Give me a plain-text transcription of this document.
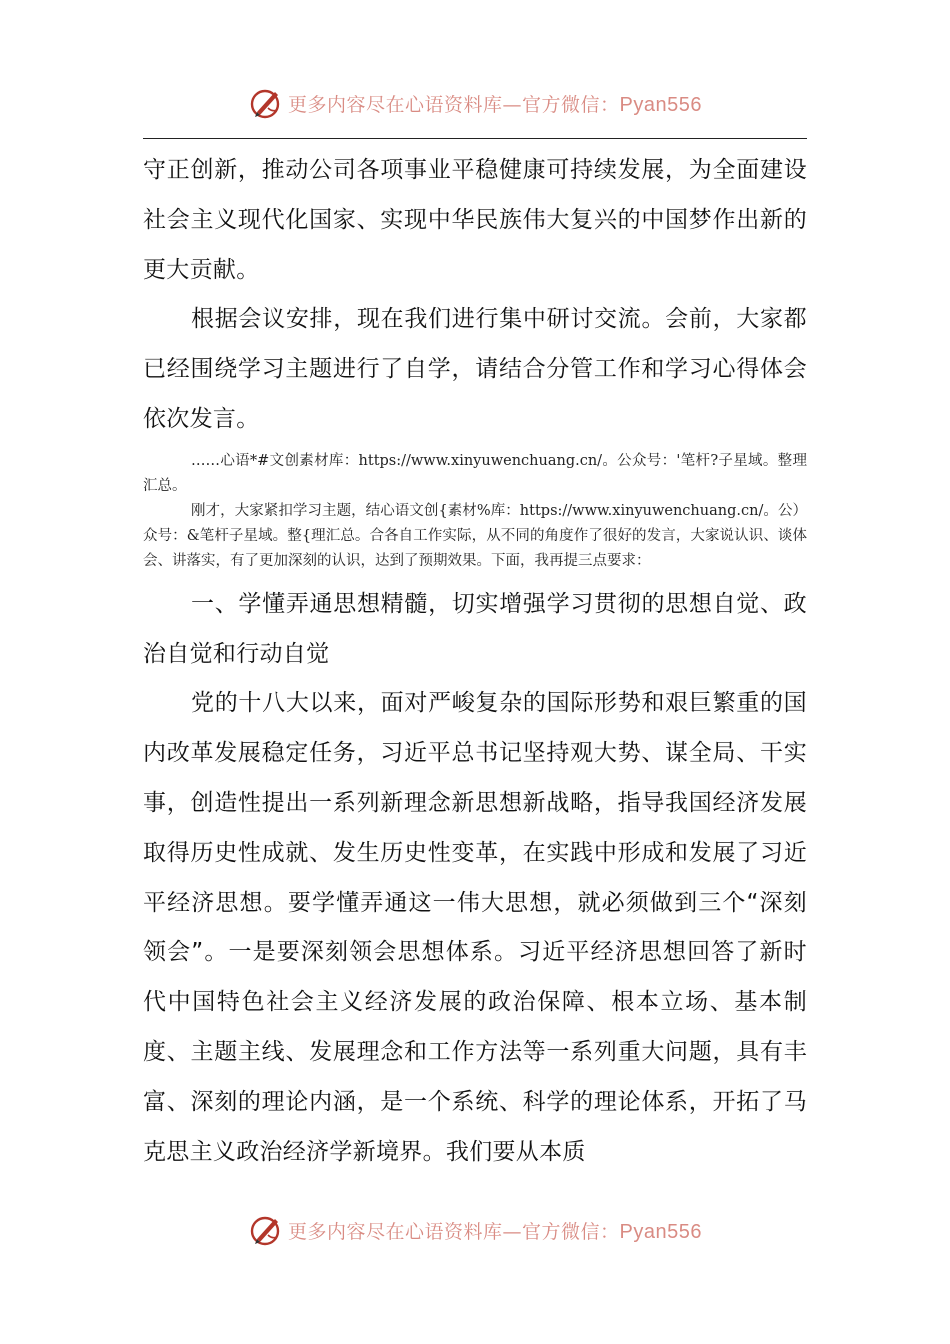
更多内容尽在心语资料库—官方微信：Pyan556

守正创新，推动公司各项事业平稳健康可持续发展，为全面建设社会主义现代化国家、实现中华民族伟大复兴的中国梦作出新的更大贡献。

根据会议安排，现在我们进行集中研讨交流。会前，大家都已经围绕学习主题进行了自学，请结合分管工作和学习心得体会依次发言。

……心语*#文创素材库：https://www.xinyuwenchuang.cn/。公众号：'笔杆?子星域。整理汇总。

刚才，大家紧扣学习主题，结心语文创{素材%库：https://www.xinyuwenchuang.cn/。公）众号：&笔杆子星域。整{理汇总。合各自工作实际，从不同的角度作了很好的发言，大家说认识、谈体会、讲落实，有了更加深刻的认识，达到了预期效果。下面，我再提三点要求：

一、学懂弄通思想精髓，切实增强学习贯彻的思想自觉、政治自觉和行动自觉

党的十八大以来，面对严峻复杂的国际形势和艰巨繁重的国内改革发展稳定任务，习近平总书记坚持观大势、谋全局、干实事，创造性提出一系列新理念新思想新战略，指导我国经济发展取得历史性成就、发生历史性变革，在实践中形成和发展了习近平经济思想。要学懂弄通这一伟大思想，就必须做到三个“深刻领会”。一是要深刻领会思想体系。习近平经济思想回答了新时代中国特色社会主义经济发展的政治保障、根本立场、基本制度、主题主线、发展理念和工作方法等一系列重大问题，具有丰富、深刻的理论内涵，是一个系统、科学的理论体系，开拓了马克思主义政治经济学新境界。我们要从本质

更多内容尽在心语资料库—官方微信：Pyan556
